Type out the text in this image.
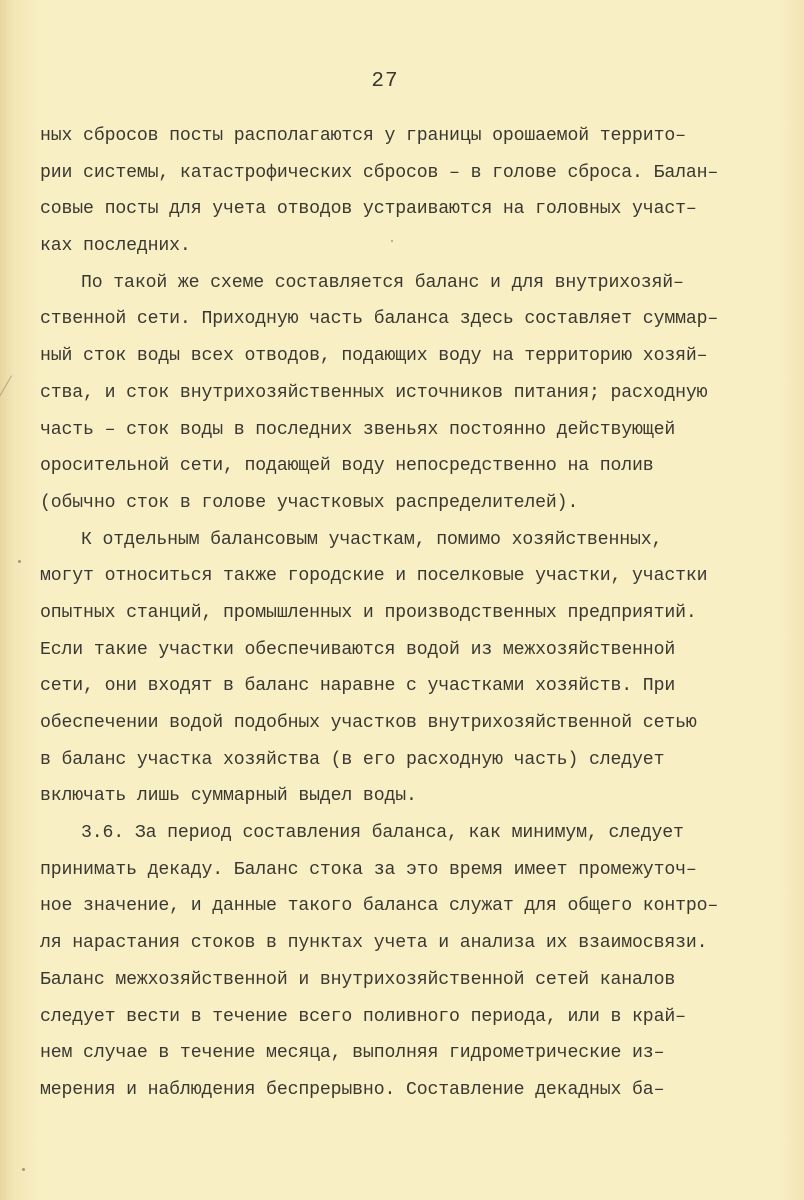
27
ных сбросов посты располагаются у границы орошаемой террито–
рии системы, катастрофических сбросов – в голове сброса. Балан–
совые посты для учета отводов устраиваются на головных участ–
ках последних.
По такой же схеме составляется баланс и для внутрихозяй–
ственной сети. Приходную часть баланса здесь составляет суммар–
ный сток воды всех отводов, подающих воду на территорию хозяй–
ства, и сток внутрихозяйственных источников питания; расходную
часть – сток воды в последних звеньях постоянно действующей
оросительной сети, подающей воду непосредственно на полив
(обычно сток в голове участковых распределителей).
К отдельным балансовым участкам, помимо хозяйственных,
могут относиться также городские и поселковые участки, участки
опытных станций, промышленных и производственных предприятий.
Если такие участки обеспечиваются водой из межхозяйственной
сети, они входят в баланс наравне с участками хозяйств. При
обеспечении водой подобных участков внутрихозяйственной сетью
в баланс участка хозяйства (в его расходную часть) следует
включать лишь суммарный выдел воды.
3.6. За период составления баланса, как минимум, следует
принимать декаду. Баланс стока за это время имеет промежуточ–
ное значение, и данные такого баланса служат для общего контро–
ля нарастания стоков в пунктах учета и анализа их взаимосвязи.
Баланс межхозяйственной и внутрихозяйственной сетей каналов
следует вести в течение всего поливного периода, или в край–
нем случае в течение месяца, выполняя гидрометрические из–
мерения и наблюдения беспрерывно. Составление декадных ба–
